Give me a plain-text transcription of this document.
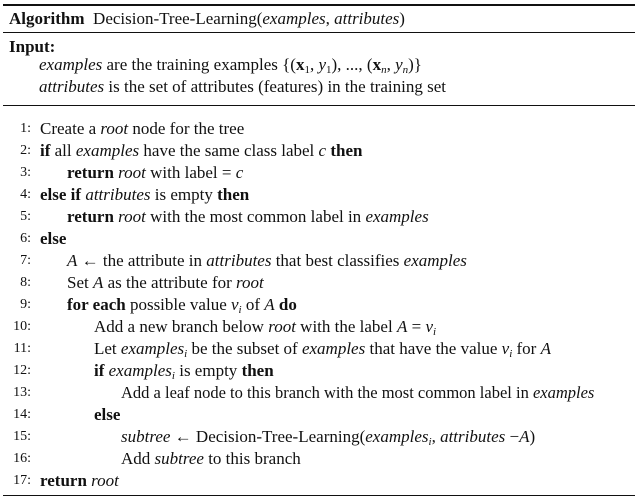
Algorithm Decision-Tree-Learning(examples, attributes)
Input:
examples are the training examples {($x_1$, $y_1$), ..., ($x_n$, $y_n$)}
attributes is the set of attributes (features) in the training set
1: Create a root node for the tree
2: if all examples have the same class label c then
3: return root with label = c
4: else if attributes is empty then
5: return root with the most common label in examples
6: else
7: A ← the attribute in attributes that best classifies examples
8: Set A as the attribute for root
9: for each possible value $v_i$ of A do
10:	Add a new branch below root with the label $A = v_i$
11:	Let examples$_i$ be the subset of examples that have the value $v_i$ for A
12:	if examples$_i$ is empty then
13:	Add a leaf node to this branch with the most common label in examples
14:	else
15:	subtree ← Decision-Tree-Learning(examples$_i$, attributes −A)
16:	Add subtree to this branch
17: return root
